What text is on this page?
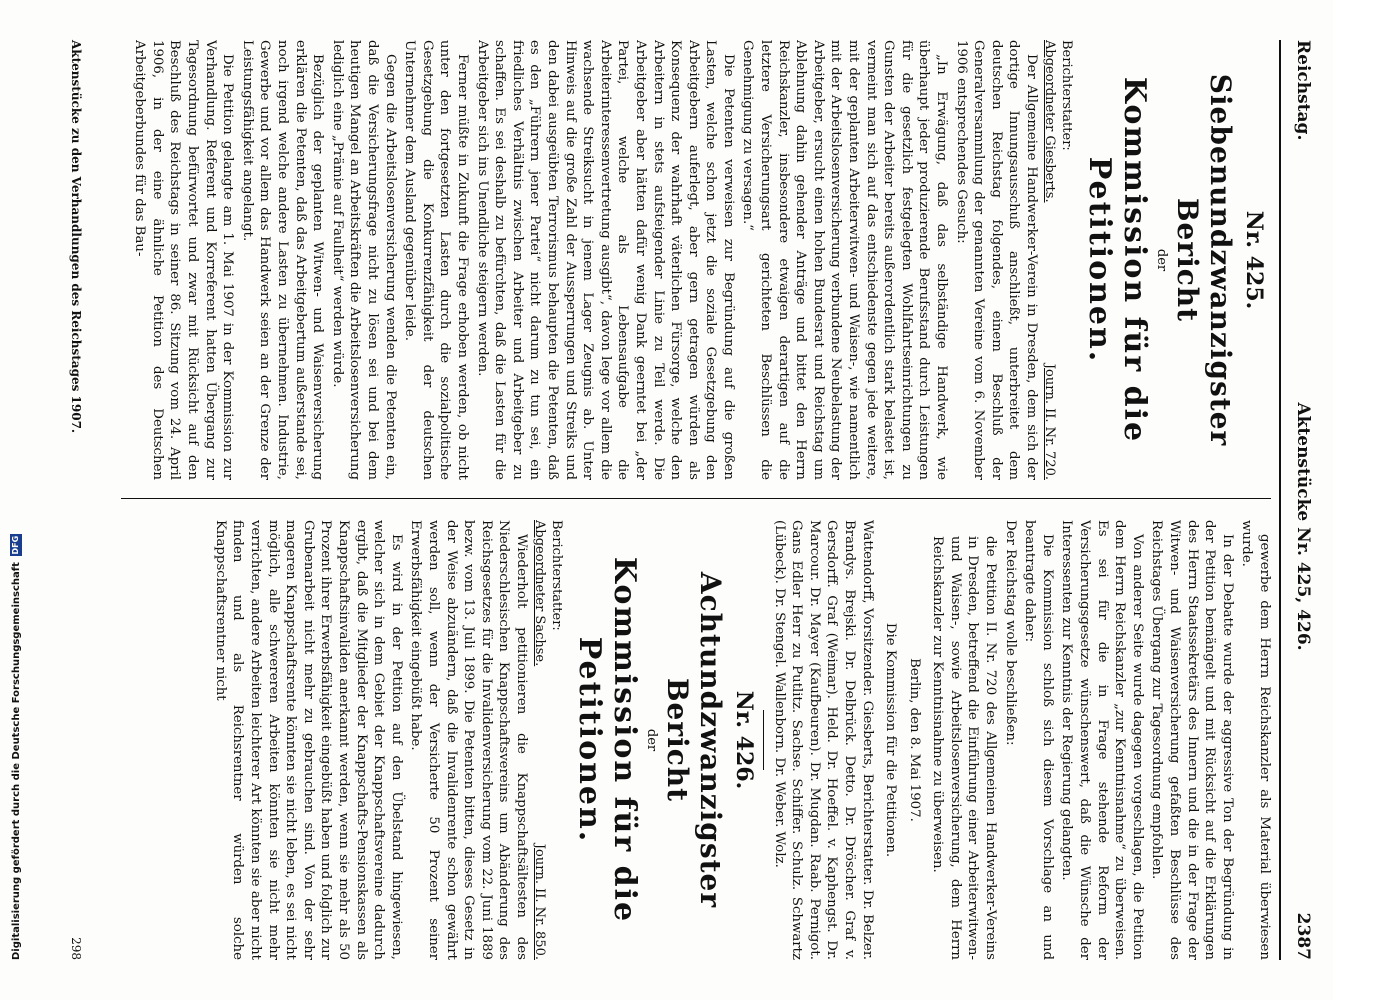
Reichstag.
Aktenstücke Nr. 425, 426.
2387
Nr. 425.
Siebenundzwanzigster Bericht
der
Kommission für die Petitionen.
Berichterstatter:
Abgeordneter Giesberts.
Journ. II. Nr. 720.

Der Allgemeine Handwerker-Verein in Dresden, dem sich der dortige Innungsausschuß anschließt, unterbreitet dem deutschen Reichstag folgendes, einem Beschluß der Generalversammlung der genannten Vereine vom 6. November 1906 entsprechendes Gesuch:

„In Erwägung, daß das selbständige Handwerk, wie überhaupt jeder produzierende Berufsstand durch Leistungen für die gesetzlich festgelegten Wohlfahrtseinrichtungen zu Gunsten der Arbeiter bereits außerordentlich stark belastet ist, vermeint man sich auf das entschiedenste gegen jede weitere, mit der geplanten Arbeiterwitwen- und Waisen-, wie namentlich mit der Arbeitslosenversicherung verbundene Neubelastung der Arbeitgeber, ersucht einen hohen Bundesrat und Reichstag um Ablehnung dahin gehender Anträge und bittet den Herrn Reichskanzler, insbesondere etwaigen derartigen auf die letztere Versicherungsart gerichteten Beschlüssen die Genehmigung zu versagen.“

Die Petenten verweisen zur Begründung auf die großen Lasten, welche schon jetzt die soziale Gesetzgebung den Arbeitgebern auferlegt, aber gern getragen würden als Konsequenz der wahrhaft väterlichen Fürsorge, welche den Arbeitern in stets aufsteigender Linie zu Teil werde. Die Arbeitgeber aber hätten dafür wenig Dank geerntet bei „der Partei, welche als Lebensaufgabe die Arbeiterinteressenvertretung ausgibt“, davon lege vor allem die wachsende Streiksucht in jenem Lager Zeugnis ab. Unter Hinweis auf die große Zahl der Aussperrungen und Streiks und den dabei ausgeübten Terrorismus behaupten die Petenten, daß es den „Führern jener Partei“ nicht darum zu tun sei, ein friedliches Verhältnis zwischen Arbeiter und Arbeitgeber zu schaffen. Es sei deshalb zu befürchten, daß die Lasten für die Arbeitgeber sich ins Unendliche steigern werden.

Ferner müßte in Zukunft die Frage erhoben werden, ob nicht unter den fortgesetzten Lasten durch die sozialpolitische Gesetzgebung die Konkurrenzfähigkeit der deutschen Unternehmer dem Ausland gegenüber leide.

Gegen die Arbeitslosenversicherung wenden die Petenten ein, daß die Versicherungsfrage nicht zu lösen sei und bei dem heutigen Mangel an Arbeitskräften die Arbeitslosenversicherung lediglich eine „Prämie auf Faulheit“ werden würde.

Bezüglich der geplanten Witwen- und Waisenversicherung erklären die Petenten, daß das Arbeitgebertum außerstande sei, noch irgend welche andere Lasten zu übernehmen. Industrie, Gewerbe und vor allem das Handwerk seien an der Grenze der Leistungsfähigkeit angelangt.

Die Petition gelangte am 1. Mai 1907 in der Kommission zur Verhandlung. Referent und Korreferent hatten Übergang zur Tagesordnung befürwortet und zwar mit Rücksicht auf den Beschluß des Reichstags in seiner 86. Sitzung vom 24. April 1906, in der eine ähnliche Petition des Deutschen Arbeitgeberbundes für das Bau-

gewerbe dem Herrn Reichskanzler als Material überwiesen wurde.

In der Debatte wurde der aggressive Ton der Begründung in der Petition bemängelt und mit Rücksicht auf die Erklärungen des Herrn Staatssekretärs des Innern und die in der Frage der Witwen- und Waisenversicherung gefaßten Beschlüsse des Reichstages Übergang zur Tagesordnung empfohlen.

Von anderer Seite wurde dagegen vorgeschlagen, die Petition dem Herrn Reichskanzler „zur Kenntnisnahme“ zu überweisen. Es sei für die in Frage stehende Reform der Versicherungsgesetze wünschenswert, daß die Wünsche der Interessenten zur Kenntnis der Regierung gelangten.

Die Kommission schloß sich diesem Vorschlage an und beantragte daher:

Der Reichstag wolle beschließen:

die Petition II. Nr. 720 des Allgemeinen Handwerker-Vereins in Dresden, betreffend die Einführung einer Arbeiterwitwen- und Waisen-, sowie Arbeitslosenversicherung, dem Herrn Reichskanzler zur Kenntnisnahme zu überweisen.

Berlin, den 8. Mai 1907.

Die Kommission für die Petitionen.

Wattendorff, Vorsitzender. Giesberts, Berichterstatter. Dr. Belzer. Brandys. Brejski. Dr. Delbrück. Detto. Dr. Dröscher. Graf v. Gersdorff. Graf (Weimar). Held. Dr. Hoeffel. v. Kaphengst. Dr. Marcour. Dr. Mayer (Kaufbeuren). Dr. Mugdan. Raab. Pernigot. Gans Edler Herr zu Putlitz. Sachse. Schiffer. Schulz. Schwartz (Lübeck). Dr. Stengel. Wallenborn. Dr. Weber. Wolz.
Nr. 426.
Achtundzwanzigster Bericht
der
Kommission für die Petitionen.
Berichterstatter:
Abgeordneter Sachse.
Journ. II. Nr. 850.

Wiederholt petitionieren die Knappschaftsältesten des Niederschlesischen Knappschaftsvereins um Abänderung des Reichsgesetzes für die Invalidenversicherung vom 22. Juni 1889 bezw. vom 13. Juli 1899. Die Petenten bitten, dieses Gesetz in der Weise abzuändern, daß die Invalidenrente schon gewährt werden soll, wenn der Versicherte 50 Prozent seiner Erwerbsfähigkeit eingebüßt habe.

Es wird in der Petition auf den Übelstand hingewiesen, welcher sich in dem Gebiet der Knappschaftsvereine dadurch ergibt, daß die Mitglieder der Knappschafts-Pensionskassen als Knappschaftsinvaliden anerkannt werden, wenn sie mehr als 50 Prozent ihrer Erwerbsfähigkeit eingebüßt haben und folglich zur Grubenarbeit nicht mehr zu gebrauchen sind. Von der sehr mageren Knappschaftsrente könnten sie nicht leben, es sei nicht möglich, alle schwereren Arbeiten könnten sie nicht mehr verrichten, andere Arbeiten leichterer Art könnten sie aber nicht finden und als Reichsrentner würden solche Knappschaftsrentner nicht

Aktenstücke zu den Verhandlungen des Reichstages 1907.
298
Digitalisierung gefördert durch die Deutsche Forschungsgemeinschaft
DFG
